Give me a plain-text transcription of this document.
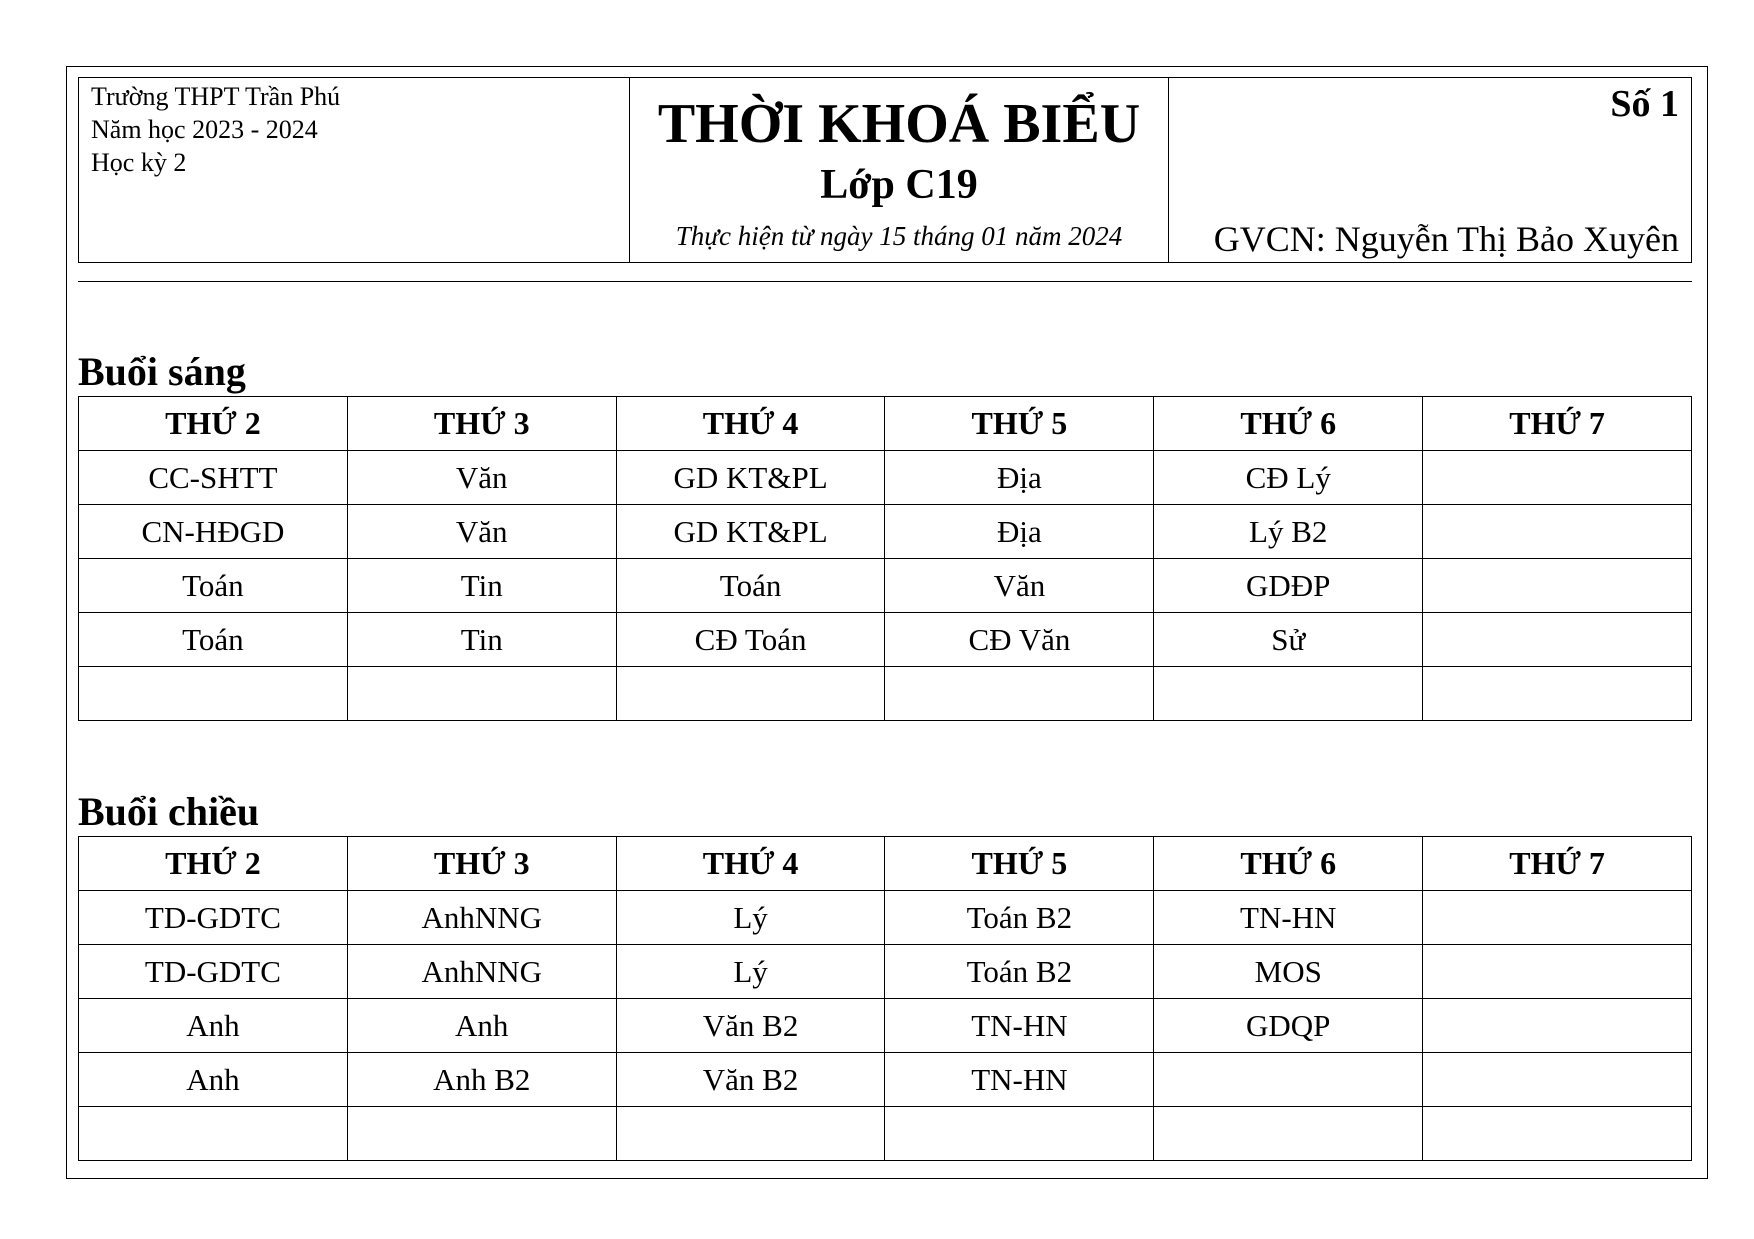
Trường THPT Trần Phú
Năm học 2023 - 2024
Học kỳ 2

THỜI KHOÁ BIỂU
Lớp C19
Thực hiện từ ngày 15 tháng 01 năm 2024

Số 1
GVCN: Nguyễn Thị Bảo Xuyên
Buổi sáng
THỨ 2	THỨ 3	THỨ 4	THỨ 5	THỨ 6	THỨ 7
CC-SHTT	Văn	GD KT&PL	Địa	CĐ Lý	
CN-HĐGD	Văn	GD KT&PL	Địa	Lý B2	
Toán	Tin	Toán	Văn	GDĐP	
Toán	Tin	CĐ Toán	CĐ Văn	Sử	

Buổi chiều
THỨ 2	THỨ 3	THỨ 4	THỨ 5	THỨ 6	THỨ 7
TD-GDTC	AnhNNG	Lý	Toán B2	TN-HN	
TD-GDTC	AnhNNG	Lý	Toán B2	MOS	
Anh	Anh	Văn B2	TN-HN	GDQP	
Anh	Anh B2	Văn B2	TN-HN		
